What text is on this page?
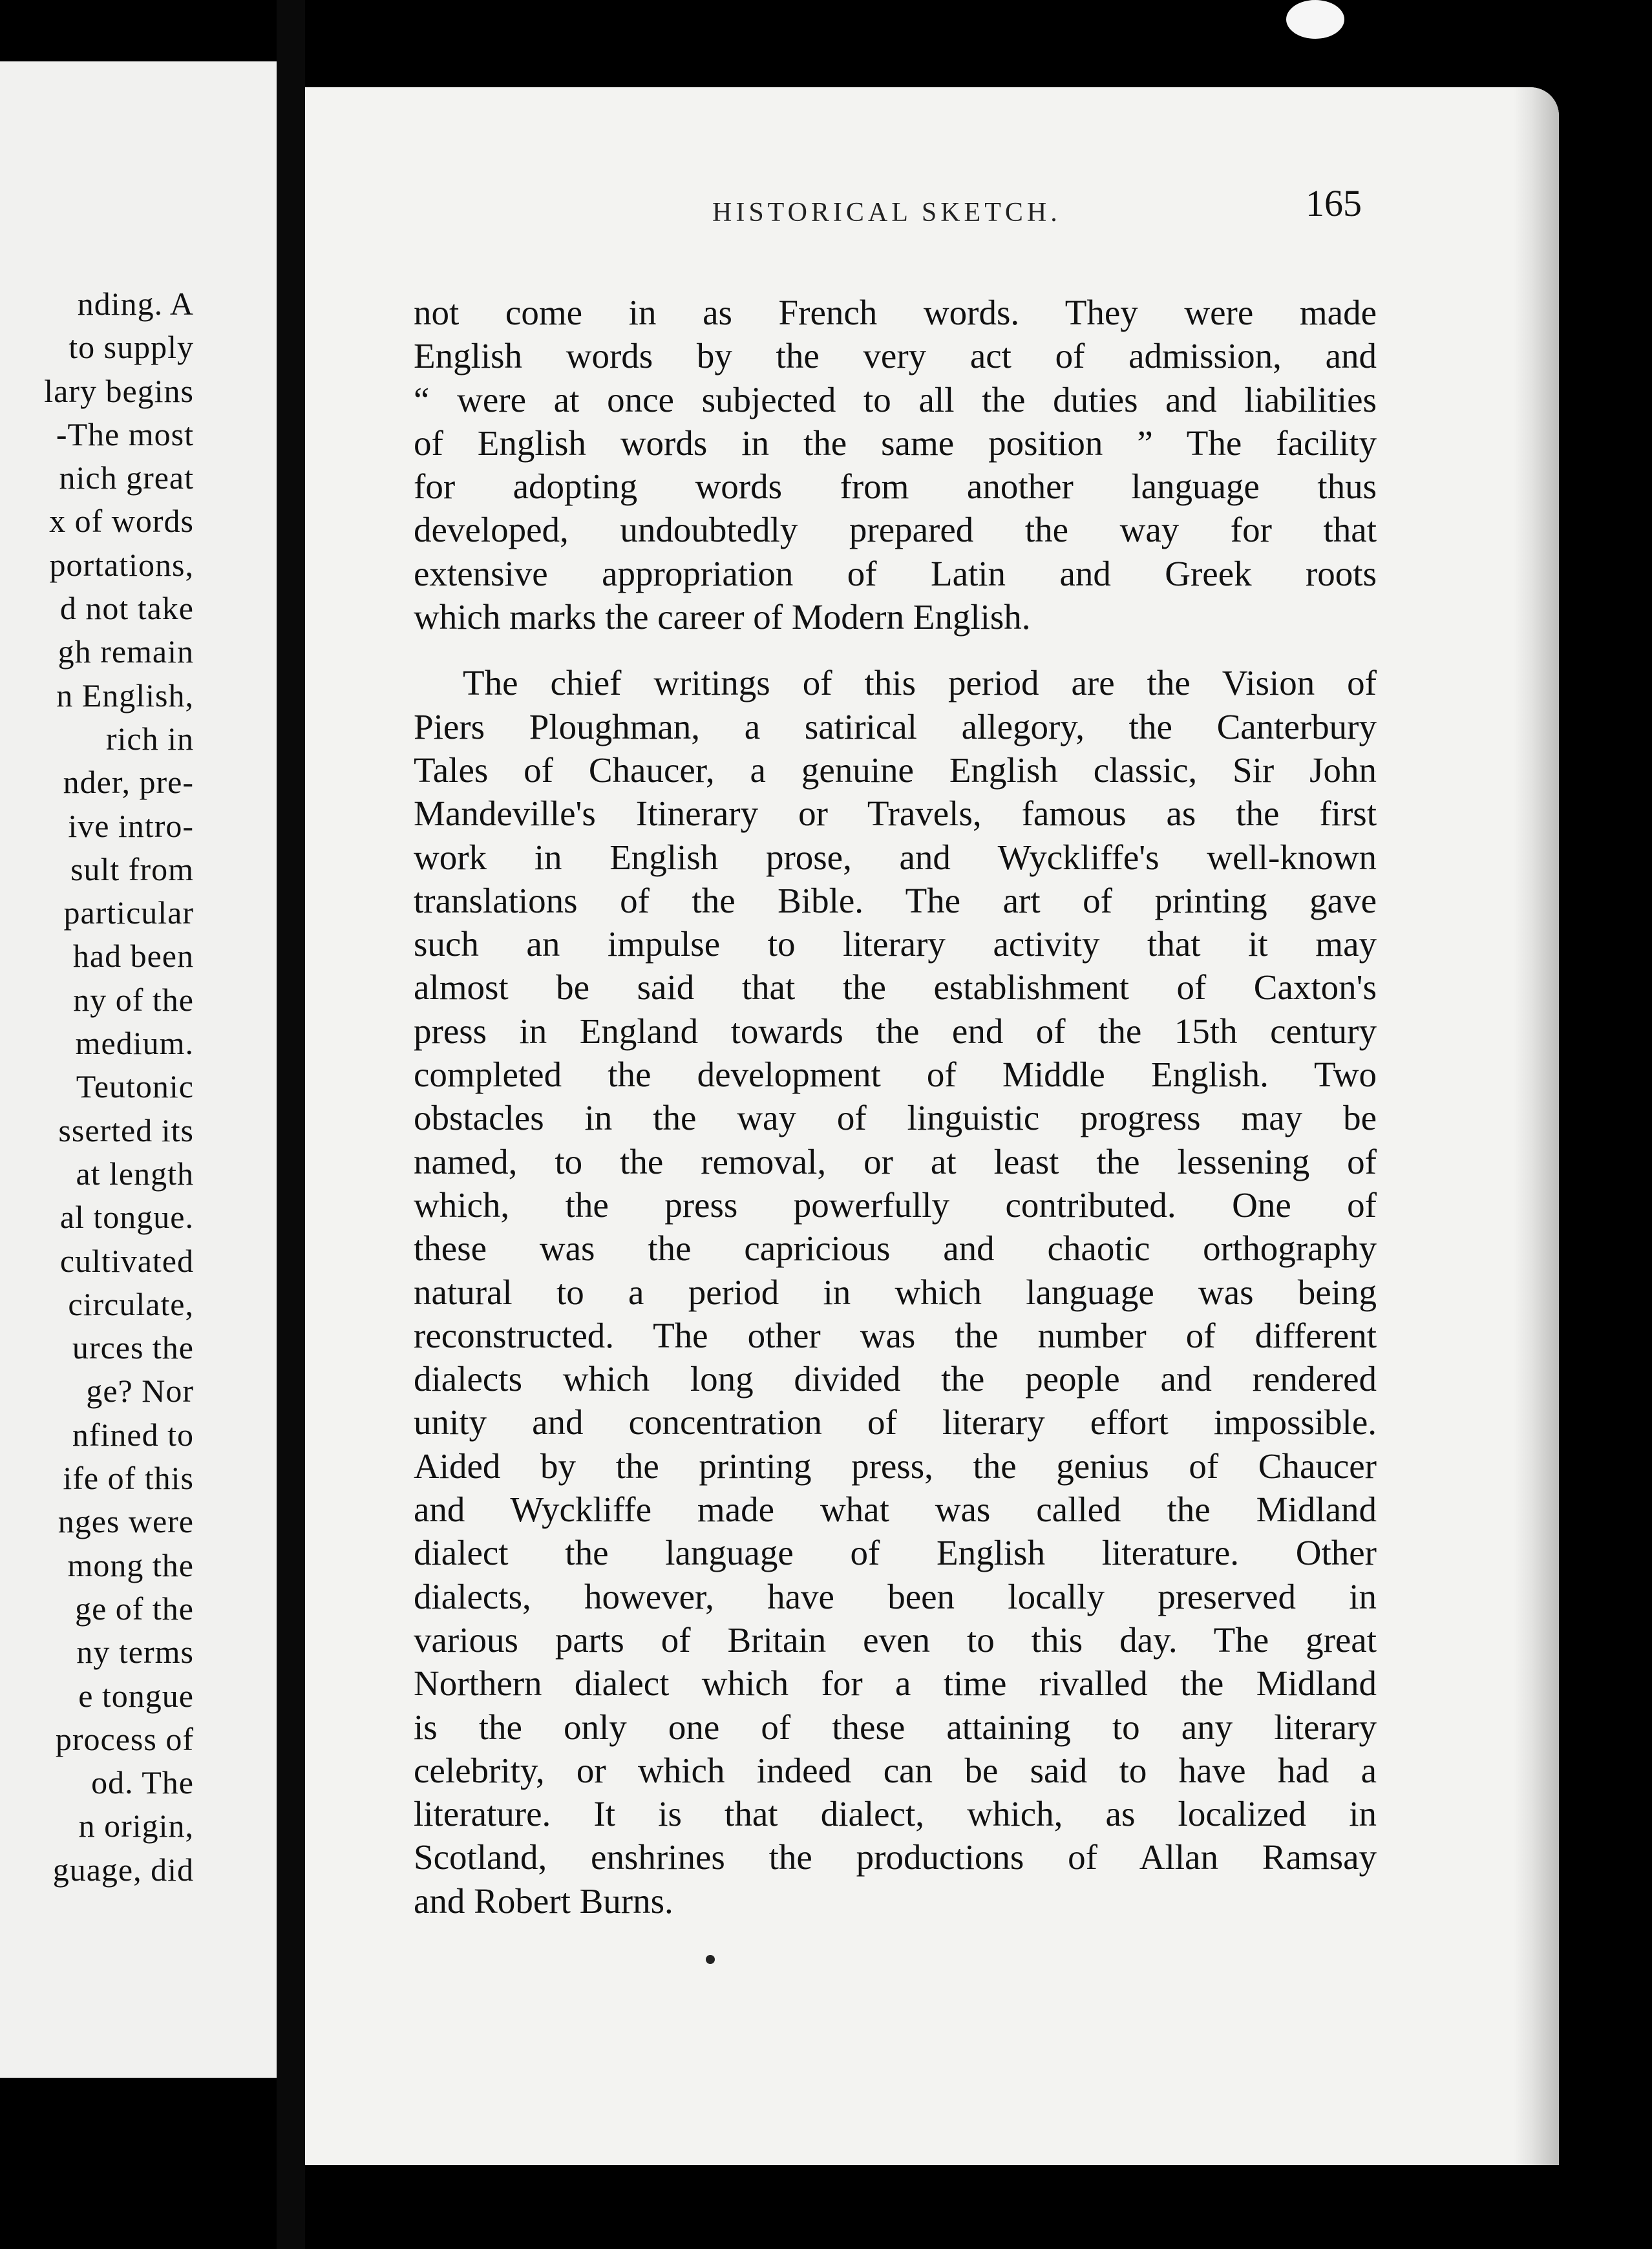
nding. A
to supply
lary begins
-The most
nich great
x of words
portations,
d not take
gh remain
n English,
rich in
nder, pre-
ive intro-
sult from
particular
had been
ny of the
medium.
Teutonic
sserted its
at length
al tongue.
cultivated
circulate,
urces the
ge? Nor
nfined to
ife of this
nges were
mong the
ge of the
ny terms
e tongue
process of
od. The
n origin,
guage, did
HISTORICAL SKETCH.	165
not come in as French words. They were made
English words by the very act of admission, and
“ were at once subjected to all the duties and liabilities
of English words in the same position ” The facility
for adopting words from another language thus
developed, undoubtedly prepared the way for that
extensive appropriation of Latin and Greek roots
which marks the career of Modern English.
The chief writings of this period are the Vision of
Piers Ploughman, a satirical allegory, the Canterbury
Tales of Chaucer, a genuine English classic, Sir John
Mandeville's Itinerary or Travels, famous as the first
work in English prose, and Wyckliffe's well-known
translations of the Bible. The art of printing gave
such an impulse to literary activity that it may
almost be said that the establishment of Caxton's
press in England towards the end of the 15th century
completed the development of Middle English. Two
obstacles in the way of linguistic progress may be
named, to the removal, or at least the lessening of
which, the press powerfully contributed. One of
these was the capricious and chaotic orthography
natural to a period in which language was being
reconstructed. The other was the number of different
dialects which long divided the people and rendered
unity and concentration of literary effort impossible.
Aided by the printing press, the genius of Chaucer
and Wyckliffe made what was called the Midland
dialect the language of English literature. Other
dialects, however, have been locally preserved in
various parts of Britain even to this day. The great
Northern dialect which for a time rivalled the Midland
is the only one of these attaining to any literary
celebrity, or which indeed can be said to have had a
literature. It is that dialect, which, as localized in
Scotland, enshrines the productions of Allan Ramsay
and Robert Burns.
